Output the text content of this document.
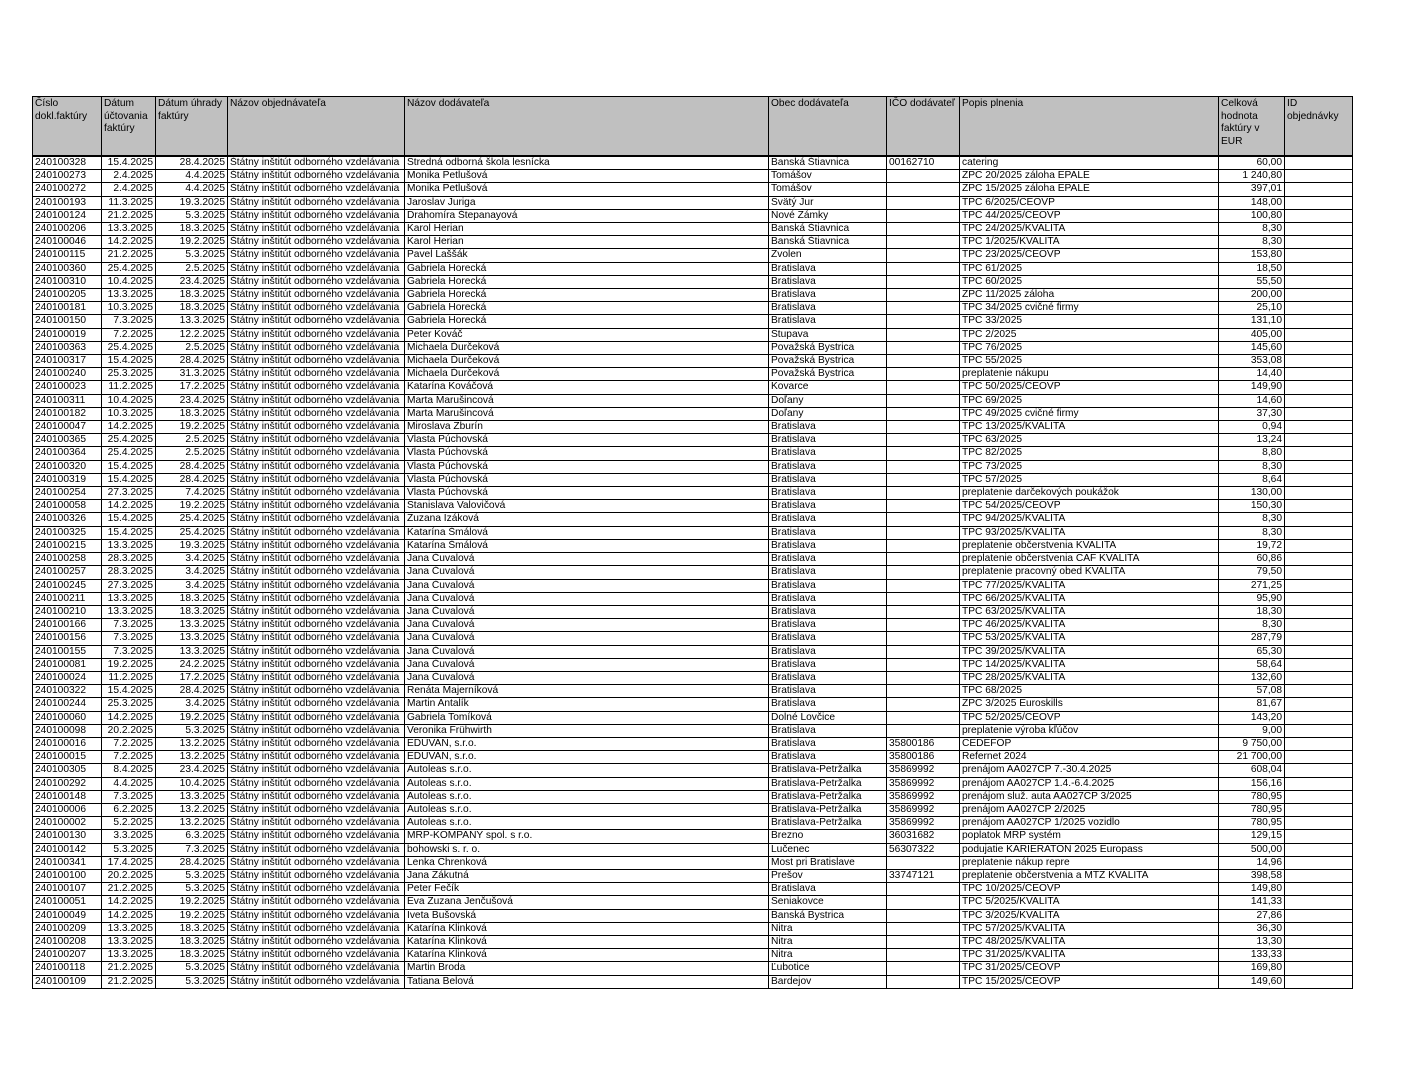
Číslo dokl.faktúry	Dátum účtovania faktúry	Dátum úhrady faktúry	Názov objednávateľa	Názov dodávateľa	Obec dodávateľa	IČO dodávateľ	Popis plnenia	Celková hodnota faktúry v EUR	ID objednávky
240100328	15.4.2025	28.4.2025	Štátny inštitút odborného vzdelávania	Stredná odborná škola lesnícka	Banská Štiavnica	00162710	catering	60,00	
240100273	2.4.2025	4.4.2025	Štátny inštitút odborného vzdelávania	Monika Petlušová	Tomášov		ZPC 20/2025 záloha EPALE	1 240,80	
240100272	2.4.2025	4.4.2025	Štátny inštitút odborného vzdelávania	Monika Petlušová	Tomášov		ZPC 15/2025 záloha EPALE	397,01	
240100193	11.3.2025	19.3.2025	Štátny inštitút odborného vzdelávania	Jaroslav Juriga	Svätý Jur		TPC 6/2025/CEOVP	148,00	
240100124	21.2.2025	5.3.2025	Štátny inštitút odborného vzdelávania	Drahomíra Štepanayová	Nové Zámky		TPC 44/2025/CEOVP	100,80	
240100206	13.3.2025	18.3.2025	Štátny inštitút odborného vzdelávania	Karol Herian	Banská Štiavnica		TPC 24/2025/KVALITA	8,30	
240100046	14.2.2025	19.2.2025	Štátny inštitút odborného vzdelávania	Karol Herian	Banská Štiavnica		TPC 1/2025/KVALITA	8,30	
240100115	21.2.2025	5.3.2025	Štátny inštitút odborného vzdelávania	Pavel Laššák	Zvolen		TPC 23/2025/CEOVP	153,80	
240100360	25.4.2025	2.5.2025	Štátny inštitút odborného vzdelávania	Gabriela Horecká	Bratislava		TPC 61/2025	18,50	
240100310	10.4.2025	23.4.2025	Štátny inštitút odborného vzdelávania	Gabriela Horecká	Bratislava		TPC 60/2025	55,50	
240100205	13.3.2025	18.3.2025	Štátny inštitút odborného vzdelávania	Gabriela Horecká	Bratislava		ZPC 11/2025 záloha	200,00	
240100181	10.3.2025	18.3.2025	Štátny inštitút odborného vzdelávania	Gabriela Horecká	Bratislava		TPC 34/2025 cvičné firmy	25,10	
240100150	7.3.2025	13.3.2025	Štátny inštitút odborného vzdelávania	Gabriela Horecká	Bratislava		TPC 33/2025	131,10	
240100019	7.2.2025	12.2.2025	Štátny inštitút odborného vzdelávania	Peter Kováč	Stupava		TPC 2/2025	405,00	
240100363	25.4.2025	2.5.2025	Štátny inštitút odborného vzdelávania	Michaela Ďurčeková	Považská Bystrica		TPC 76/2025	145,60	
240100317	15.4.2025	28.4.2025	Štátny inštitút odborného vzdelávania	Michaela Ďurčeková	Považská Bystrica		TPC 55/2025	353,08	
240100240	25.3.2025	31.3.2025	Štátny inštitút odborného vzdelávania	Michaela Ďurčeková	Považská Bystrica		preplatenie nákupu	14,40	
240100023	11.2.2025	17.2.2025	Štátny inštitút odborného vzdelávania	Katarína Kováčová	Kovarce		TPC 50/2025/CEOVP	149,90	
240100311	10.4.2025	23.4.2025	Štátny inštitút odborného vzdelávania	Marta Marušincová	Doľany		TPC 69/2025	14,60	
240100182	10.3.2025	18.3.2025	Štátny inštitút odborného vzdelávania	Marta Marušincová	Doľany		TPC 49/2025 cvičné firmy	37,30	
240100047	14.2.2025	19.2.2025	Štátny inštitút odborného vzdelávania	Miroslava Zburín	Bratislava		TPC 13/2025/KVALITA	0,94	
240100365	25.4.2025	2.5.2025	Štátny inštitút odborného vzdelávania	Vlasta Púchovská	Bratislava		TPC 63/2025	13,24	
240100364	25.4.2025	2.5.2025	Štátny inštitút odborného vzdelávania	Vlasta Púchovská	Bratislava		TPC 82/2025	8,80	
240100320	15.4.2025	28.4.2025	Štátny inštitút odborného vzdelávania	Vlasta Púchovská	Bratislava		TPC 73/2025	8,30	
240100319	15.4.2025	28.4.2025	Štátny inštitút odborného vzdelávania	Vlasta Púchovská	Bratislava		TPC 57/2025	8,64	
240100254	27.3.2025	7.4.2025	Štátny inštitút odborného vzdelávania	Vlasta Púchovská	Bratislava		preplatenie darčekových poukážok	130,00	
240100058	14.2.2025	19.2.2025	Štátny inštitút odborného vzdelávania	Stanislava Valovičová	Bratislava		TPC 54/2025/CEOVP	150,30	
240100326	15.4.2025	25.4.2025	Štátny inštitút odborného vzdelávania	Zuzana Izáková	Bratislava		TPC 94/2025/KVALITA	8,30	
240100325	15.4.2025	25.4.2025	Štátny inštitút odborného vzdelávania	Katarína Šmálová	Bratislava		TPC 93/2025/KVALITA	8,30	
240100215	13.3.2025	19.3.2025	Štátny inštitút odborného vzdelávania	Katarína Šmálová	Bratislava		preplatenie občerstvenia KVALITA	19,72	
240100258	28.3.2025	3.4.2025	Štátny inštitút odborného vzdelávania	Jana Čuvalová	Bratislava		preplatenie občerstvenia CAF KVALITA	60,86	
240100257	28.3.2025	3.4.2025	Štátny inštitút odborného vzdelávania	Jana Čuvalová	Bratislava		preplatenie pracovný obed KVALITA	79,50	
240100245	27.3.2025	3.4.2025	Štátny inštitút odborného vzdelávania	Jana Čuvalová	Bratislava		TPC 77/2025/KVALITA	271,25	
240100211	13.3.2025	18.3.2025	Štátny inštitút odborného vzdelávania	Jana Čuvalová	Bratislava		TPC 66/2025/KVALITA	95,90	
240100210	13.3.2025	18.3.2025	Štátny inštitút odborného vzdelávania	Jana Čuvalová	Bratislava		TPC 63/2025/KVALITA	18,30	
240100166	7.3.2025	13.3.2025	Štátny inštitút odborného vzdelávania	Jana Čuvalová	Bratislava		TPC 46/2025/KVALITA	8,30	
240100156	7.3.2025	13.3.2025	Štátny inštitút odborného vzdelávania	Jana Čuvalová	Bratislava		TPC 53/2025/KVALITA	287,79	
240100155	7.3.2025	13.3.2025	Štátny inštitút odborného vzdelávania	Jana Čuvalová	Bratislava		TPC 39/2025/KVALITA	65,30	
240100081	19.2.2025	24.2.2025	Štátny inštitút odborného vzdelávania	Jana Čuvalová	Bratislava		TPC 14/2025/KVALITA	58,64	
240100024	11.2.2025	17.2.2025	Štátny inštitút odborného vzdelávania	Jana Čuvalová	Bratislava		TPC 28/2025/KVALITA	132,60	
240100322	15.4.2025	28.4.2025	Štátny inštitút odborného vzdelávania	Renáta Majerníková	Bratislava		TPC 68/2025	57,08	
240100244	25.3.2025	3.4.2025	Štátny inštitút odborného vzdelávania	Martin Antalík	Bratislava		ZPC 3/2025 Euroskills	81,67	
240100060	14.2.2025	19.2.2025	Štátny inštitút odborného vzdelávania	Gabriela Tomíková	Dolné Lovčice		TPC 52/2025/CEOVP	143,20	
240100098	20.2.2025	5.3.2025	Štátny inštitút odborného vzdelávania	Veronika Frühwirth	Bratislava		preplatenie výroba kľúčov	9,00	
240100016	7.2.2025	13.2.2025	Štátny inštitút odborného vzdelávania	EDUVAN, s.r.o.	Bratislava	35800186	CEDEFOP	9 750,00	
240100015	7.2.2025	13.2.2025	Štátny inštitút odborného vzdelávania	EDUVAN, s.r.o.	Bratislava	35800186	Refernet 2024	21 700,00	
240100305	8.4.2025	23.4.2025	Štátny inštitút odborného vzdelávania	Autoleas s.r.o.	Bratislava-Petržalka	35869992	prenájom AA027CP 7.-30.4.2025	608,04	
240100292	4.4.2025	10.4.2025	Štátny inštitút odborného vzdelávania	Autoleas s.r.o.	Bratislava-Petržalka	35869992	prenájom AA027CP 1.4.-6.4.2025	156,16	
240100148	7.3.2025	13.3.2025	Štátny inštitút odborného vzdelávania	Autoleas s.r.o.	Bratislava-Petržalka	35869992	prenájom služ. auta AA027CP 3/2025	780,95	
240100006	6.2.2025	13.2.2025	Štátny inštitút odborného vzdelávania	Autoleas s.r.o.	Bratislava-Petržalka	35869992	prenájom AA027CP 2/2025	780,95	
240100002	5.2.2025	13.2.2025	Štátny inštitút odborného vzdelávania	Autoleas s.r.o.	Bratislava-Petržalka	35869992	prenájom AA027CP 1/2025 vozidlo	780,95	
240100130	3.3.2025	6.3.2025	Štátny inštitút odborného vzdelávania	MRP-KOMPANY spol. s r.o.	Brezno	36031682	poplatok MRP systém	129,15	
240100142	5.3.2025	7.3.2025	Štátny inštitút odborného vzdelávania	bohowski s. r. o.	Lučenec	56307322	podujatie KARIERATON 2025 Europass	500,00	
240100341	17.4.2025	28.4.2025	Štátny inštitút odborného vzdelávania	Lenka Chrenková	Most pri Bratislave		preplatenie nákup repre	14,96	
240100100	20.2.2025	5.3.2025	Štátny inštitút odborného vzdelávania	Jana Zákutná	Prešov	33747121	preplatenie občerstvenia a MTZ KVALITA	398,58	
240100107	21.2.2025	5.3.2025	Štátny inštitút odborného vzdelávania	Peter Fečík	Bratislava		TPC 10/2025/CEOVP	149,80	
240100051	14.2.2025	19.2.2025	Štátny inštitút odborného vzdelávania	Eva Zuzana Jenčušová	Seniakovce		TPC 5/2025/KVALITA	141,33	
240100049	14.2.2025	19.2.2025	Štátny inštitút odborného vzdelávania	Iveta Bušovská	Banská Bystrica		TPC 3/2025/KVALITA	27,86	
240100209	13.3.2025	18.3.2025	Štátny inštitút odborného vzdelávania	Katarína Klinková	Nitra		TPC 57/2025/KVALITA	36,30	
240100208	13.3.2025	18.3.2025	Štátny inštitút odborného vzdelávania	Katarína Klinková	Nitra		TPC 48/2025/KVALITA	13,30	
240100207	13.3.2025	18.3.2025	Štátny inštitút odborného vzdelávania	Katarína Klinková	Nitra		TPC 31/2025/KVALITA	133,33	
240100118	21.2.2025	5.3.2025	Štátny inštitút odborného vzdelávania	Martin Broda	Ľubotice		TPC 31/2025/CEOVP	169,80	
240100109	21.2.2025	5.3.2025	Štátny inštitút odborného vzdelávania	Tatiana Belová	Bardejov		TPC 15/2025/CEOVP	149,60	
